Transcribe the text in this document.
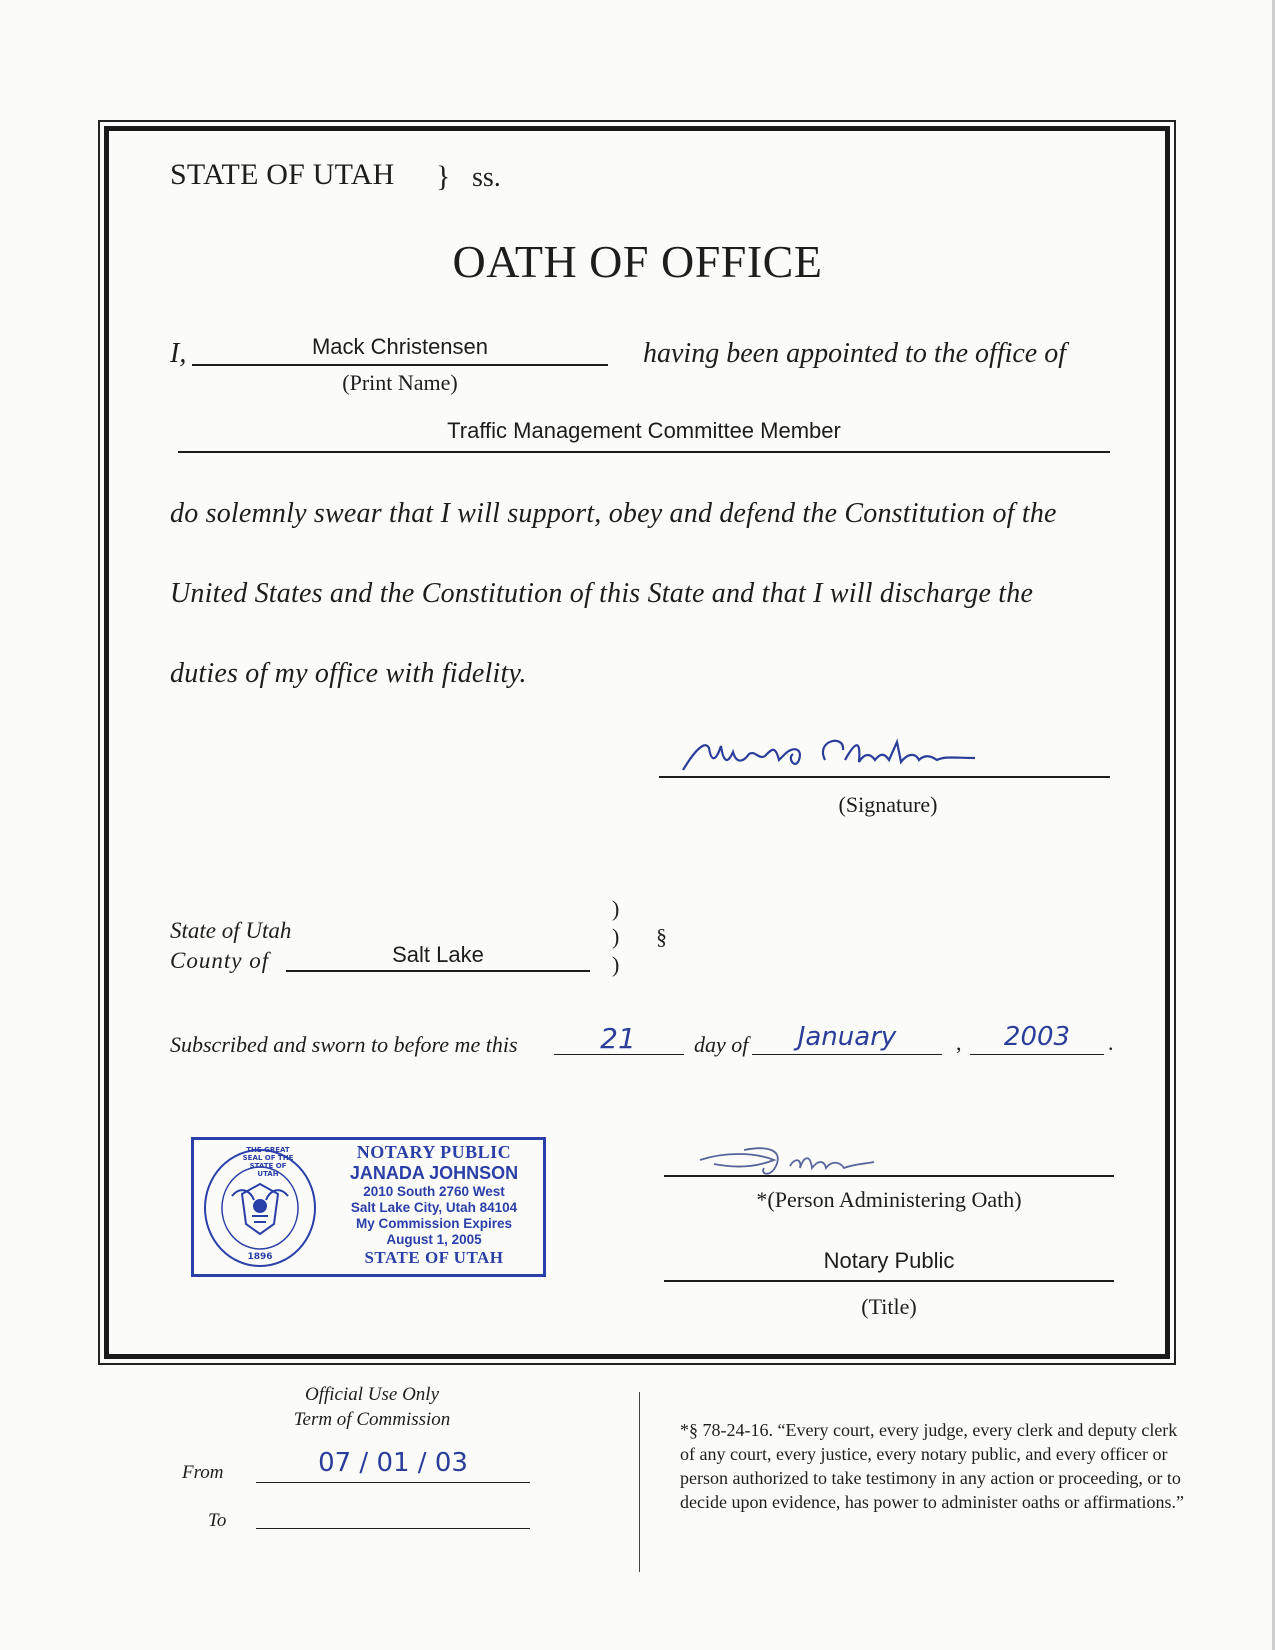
STATE OF UTAH } ss.
OATH OF OFFICE
I,	Mack Christensen
(Print Name)
having been appointed to the office of
Traffic Management Committee Member
do solemnly swear that I will support, obey and defend the Constitution of the
United States and the Constitution of this State and that I will discharge the
duties of my office with fidelity.
(Signature)
State of Utah
County of	Salt Lake
)
)
)
§
Subscribed and sworn to before me this	21	day of	January	,	2003	.
THE GREAT SEAL OF THE STATE OF UTAH
1896
NOTARY PUBLIC
JANADA JOHNSON
2010 South 2760 West
Salt Lake City, Utah 84104
My Commission Expires
August 1, 2005
STATE OF UTAH
*(Person Administering Oath)
Notary Public
(Title)
Official Use Only
Term of Commission
From	07 / 01 / 03
To
*§ 78-24-16. “Every court, every judge, every clerk and deputy clerk of any court, every justice, every notary public, and every officer or person authorized to take testimony in any action or proceeding, or to decide upon evidence, has power to administer oaths or affirmations.”
